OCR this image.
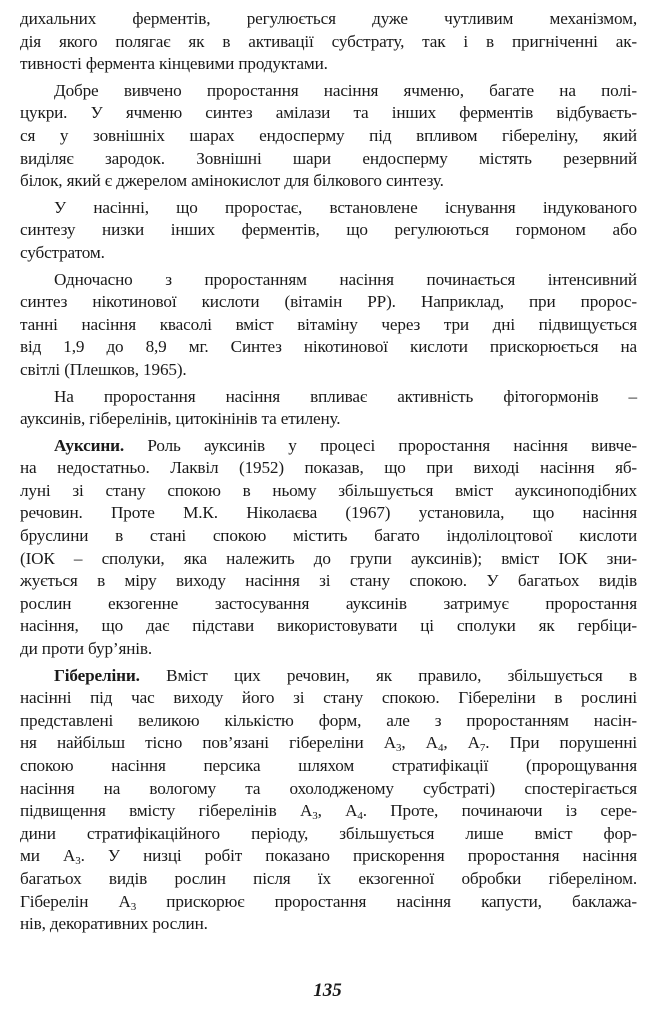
дихальних ферментів, регулюється дуже чутливим механізмом,
дія якого полягає як в активації субстрату, так і в пригніченні ак-
тивності фермента кінцевими продуктами.
Добре вивчено проростання насіння ячменю, багате на полі-
цукри. У ячменю синтез амілази та інших ферментів відбуваєть-
ся у зовнішніх шарах ендосперму під впливом гібереліну, який
виділяє зародок. Зовнішні шари ендосперму містять резервний
білок, який є джерелом амінокислот для білкового синтезу.
У насінні, що проростає, встановлене існування індукованого
синтезу низки інших ферментів, що регулюються гормоном або
субстратом.
Одночасно з проростанням насіння починається інтенсивний
синтез нікотинової кислоти (вітамін РР). Наприклад, при пророс-
танні насіння квасолі вміст вітаміну через три дні підвищується
від 1,9 до 8,9 мг. Синтез нікотинової кислоти прискорюється на
світлі (Плешков, 1965).
На проростання насіння впливає активність фітогормонів –
ауксинів, гіберелінів, цитокінінів та етилену.
Ауксини. Роль ауксинів у процесі проростання насіння вивче-
на недостатньо. Лаквіл (1952) показав, що при виході насіння яб-
луні зі стану спокою в ньому збільшується вміст ауксиноподібних
речовин. Проте М.К. Ніколаєва (1967) установила, що насіння
бруслини в стані спокою містить багато індолілоцтової кислоти
(ІОК – сполуки, яка належить до групи ауксинів); вміст ІОК зни-
жується в міру виходу насіння зі стану спокою. У багатьох видів
рослин екзогенне застосування ауксинів затримує проростання
насіння, що дає підстави використовувати ці сполуки як гербіци-
ди проти бур’янів.
Гібереліни. Вміст цих речовин, як правило, збільшується в
насінні під час виходу його зі стану спокою. Гібереліни в рослині
представлені великою кількістю форм, але з проростанням насін-
ня найбільш тісно пов’язані гібереліни $А_3$, $А_4$, $А_7$. При порушенні
спокою насіння персика шляхом стратифікації (пророщування
насіння на вологому та охолодженому субстраті) спостерігається
підвищення вмісту гіберелінів $А_3$, $А_4$. Проте, починаючи із сере-
дини стратифікаційного періоду, збільшується лише вміст фор-
ми $А_3$. У низці робіт показано прискорення проростання насіння
багатьох видів рослин після їх екзогенної обробки гібереліном.
Гіберелін $А_3$ прискорює проростання насіння капусти, баклажа-
нів, декоративних рослин.
135
